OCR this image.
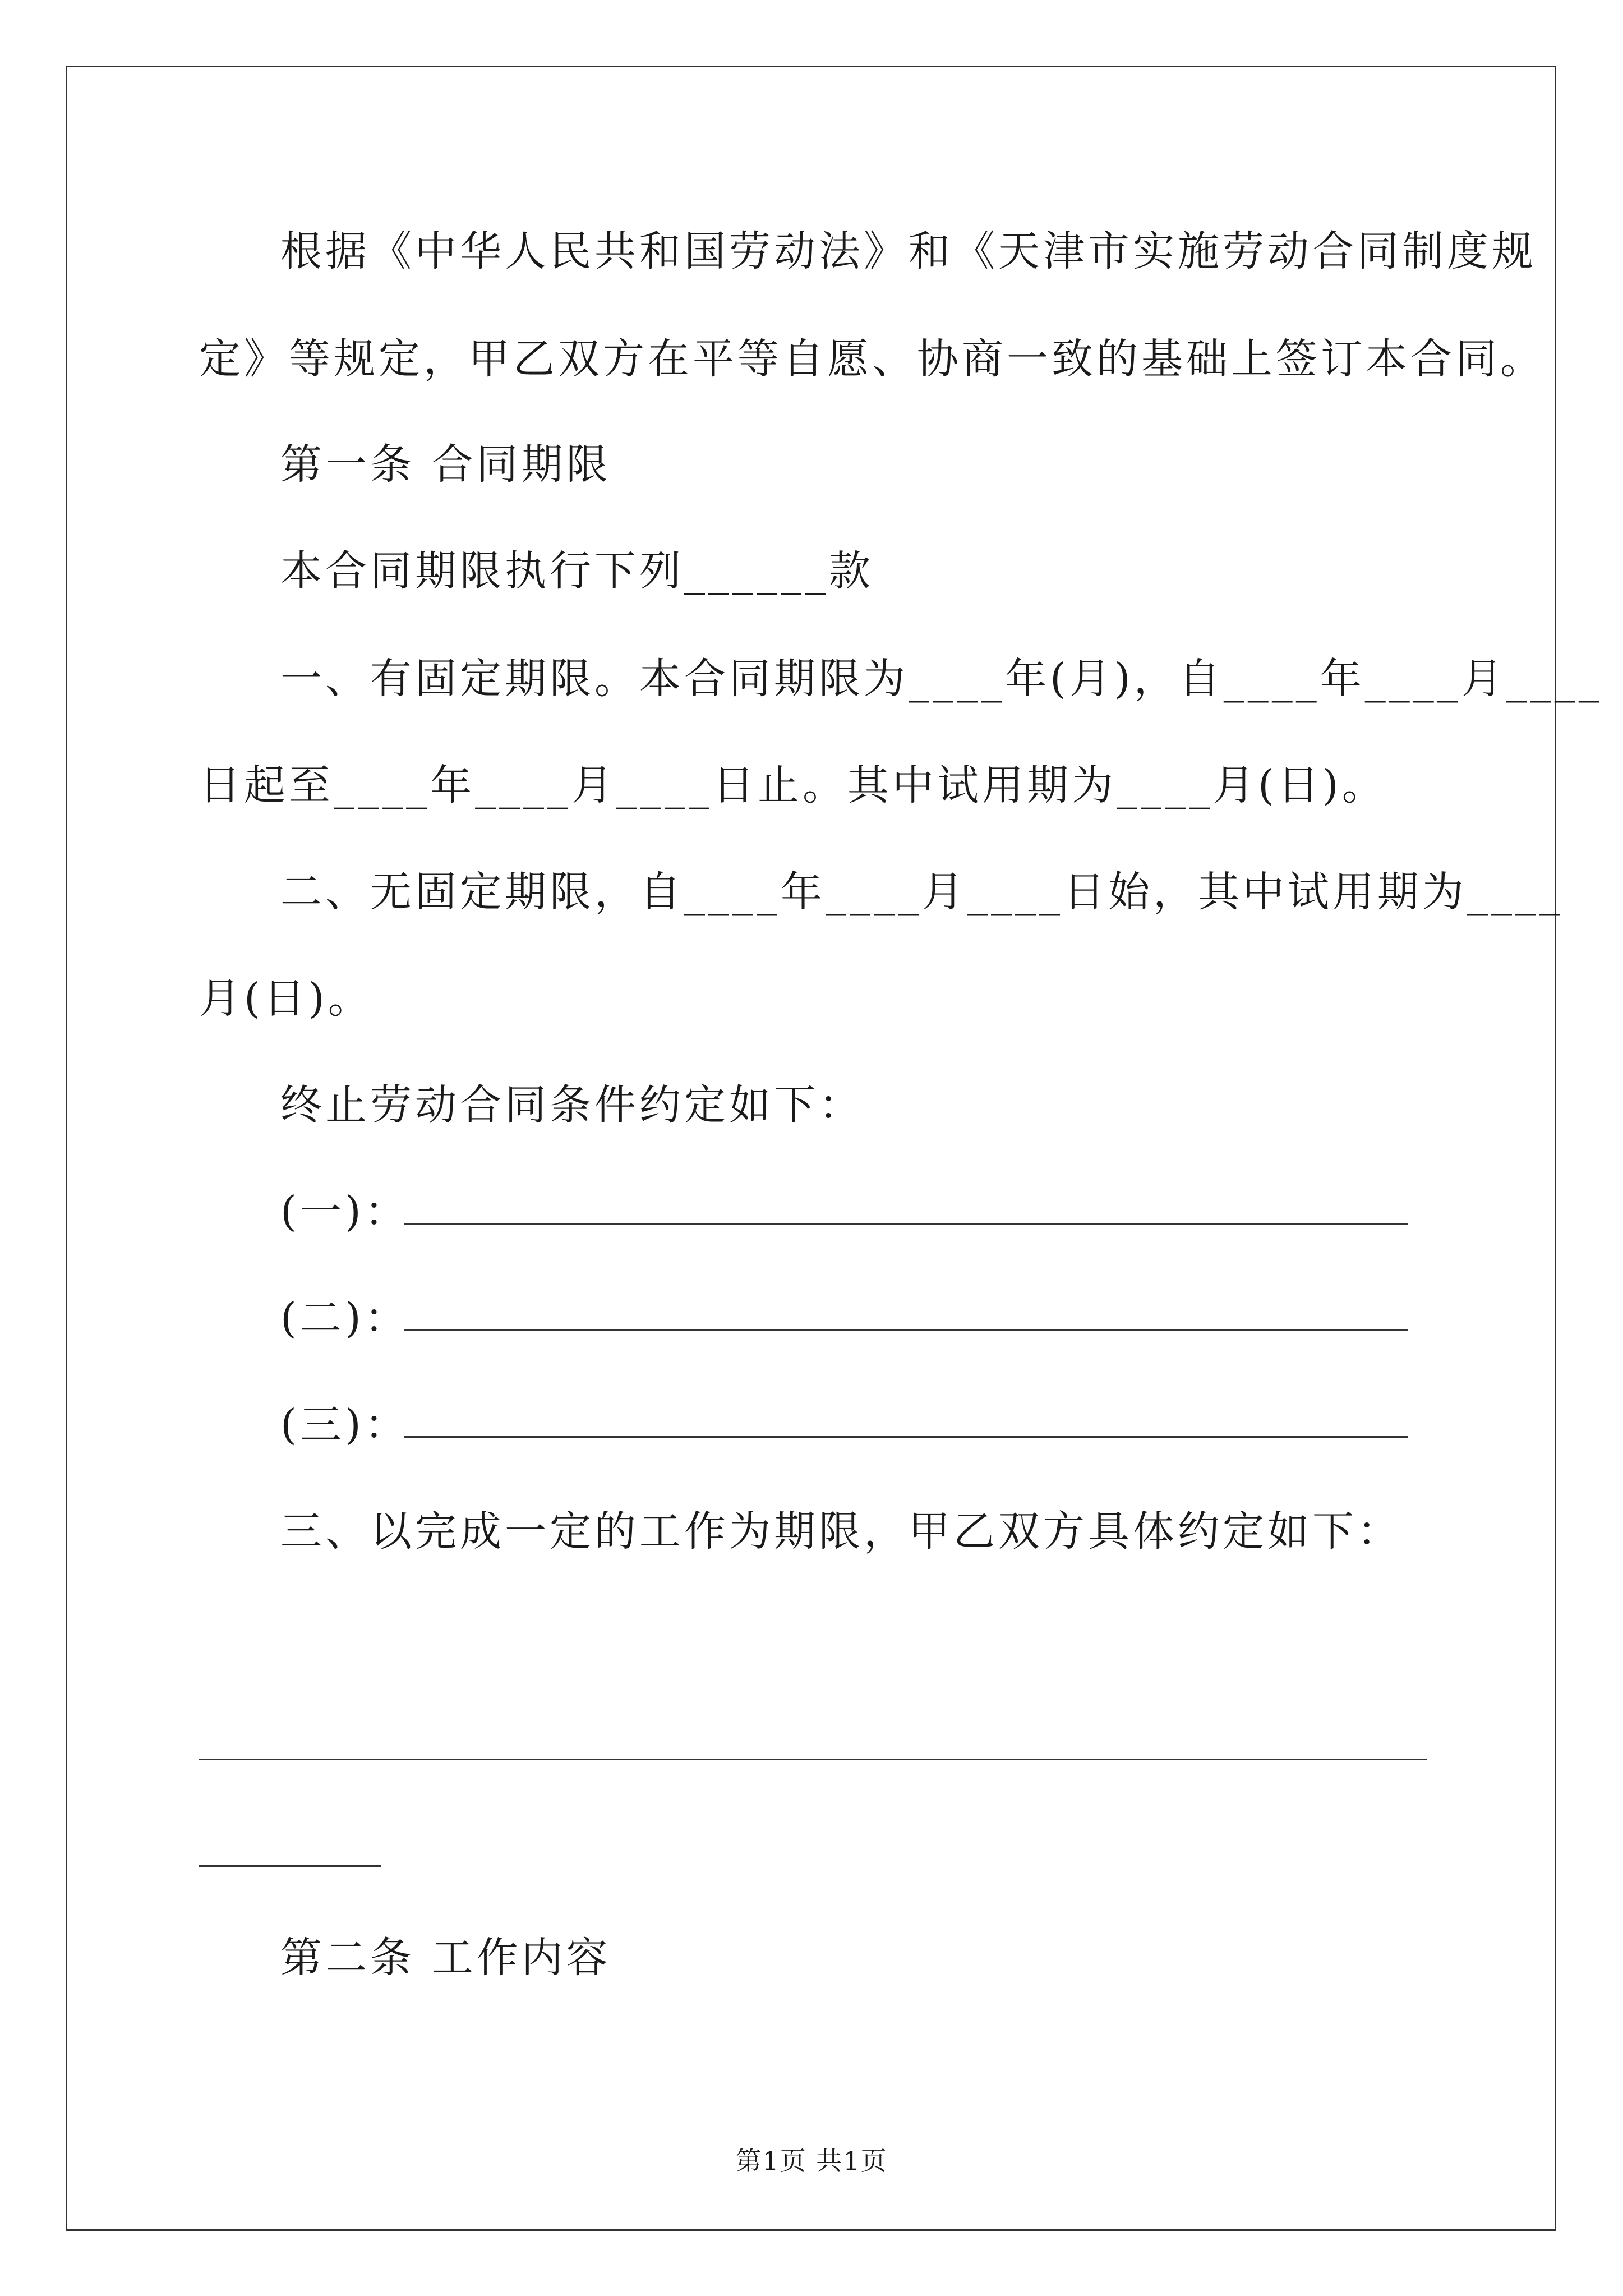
根据《中华人民共和国劳动法》和《天津市实施劳动合同制度规
定》等规定，甲乙双方在平等自愿、协商一致的基础上签订本合同。
第一条 合同期限
本合同期限执行下列______款
一、有固定期限。本合同期限为____年(月)，自____年____月____
日起至____年____月____日止。其中试用期为____月(日)。
二、无固定期限，自____年____月____日始，其中试用期为____
月(日)。
终止劳动合同条件约定如下：
(一)：
(二)：
(三)：
三、以完成一定的工作为期限，甲乙双方具体约定如下：
第二条 工作内容
第1页 共1页
